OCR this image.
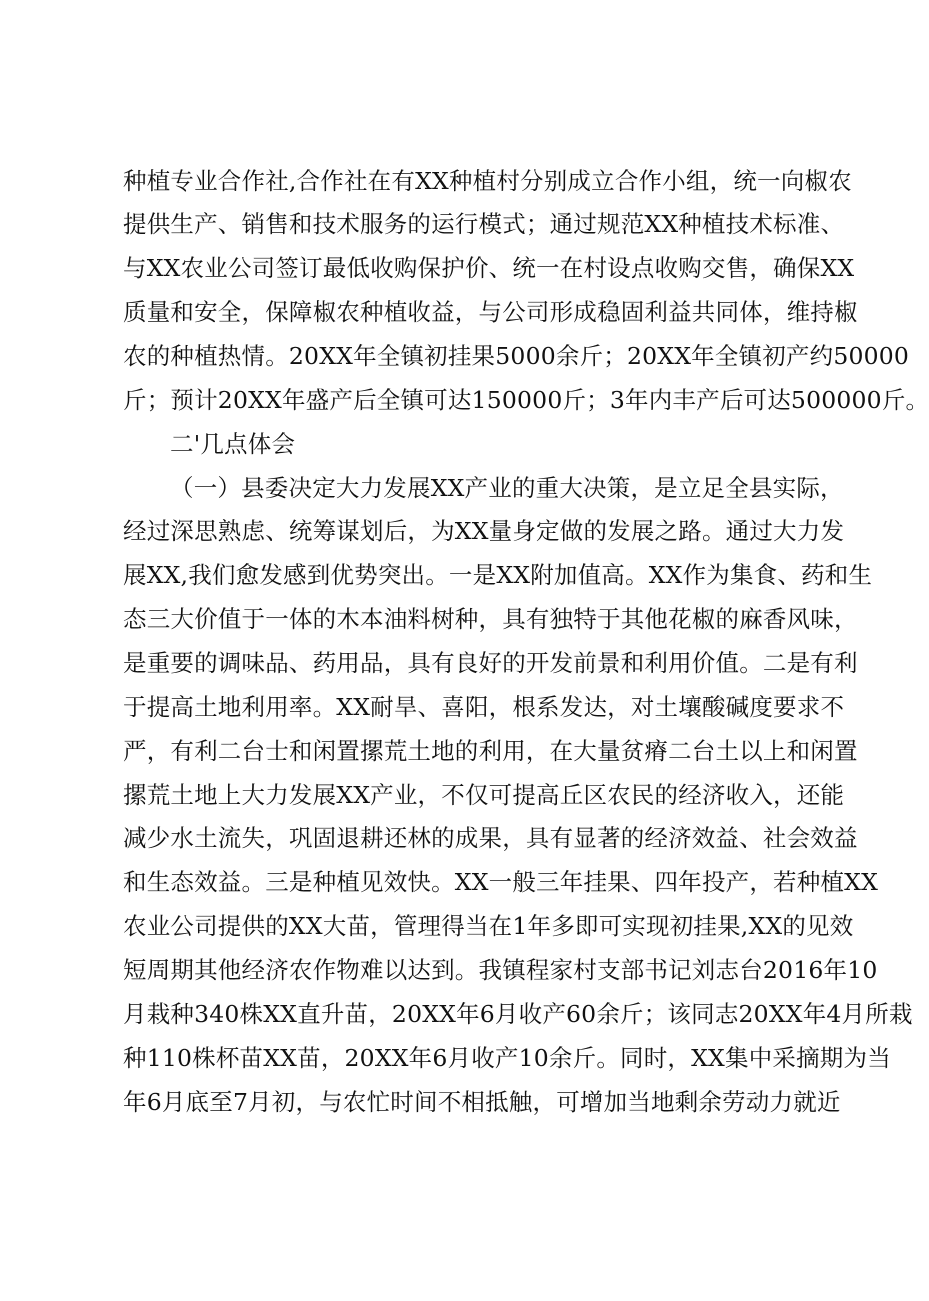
种植专业合作社,合作社在有XX种植村分别成立合作小组，统一向椒农
提供生产、销售和技术服务的运行模式；通过规范XX种植技术标准、
与XX农业公司签订最低收购保护价、统一在村设点收购交售，确保XX
质量和安全，保障椒农种植收益，与公司形成稳固利益共同体，维持椒
农的种植热情。20XX年全镇初挂果5000余斤；20XX年全镇初产约50000
斤；预计20XX年盛产后全镇可达150000斤；3年内丰产后可达500000斤。
二'几点体会
（一）县委决定大力发展XX产业的重大决策，是立足全县实际，
经过深思熟虑、统筹谋划后，为XX量身定做的发展之路。通过大力发
展XX,我们愈发感到优势突出。一是XX附加值高。XX作为集食、药和生
态三大价值于一体的木本油料树种，具有独特于其他花椒的麻香风味，
是重要的调味品、药用品，具有良好的开发前景和利用价值。二是有利
于提高土地利用率。XX耐旱、喜阳，根系发达，对土壤酸碱度要求不
严，有利二台士和闲置摞荒土地的利用，在大量贫瘠二台土以上和闲置
摞荒土地上大力发展XX产业，不仅可提高丘区农民的经济收入，还能
减少水土流失，巩固退耕还林的成果，具有显著的经济效益、社会效益
和生态效益。三是种植见效快。XX一般三年挂果、四年投产，若种植XX
农业公司提供的XX大苗，管理得当在1年多即可实现初挂果,XX的见效
短周期其他经济农作物难以达到。我镇程家村支部书记刘志台2016年10
月栽种340株XX直升苗，20XX年6月收产60余斤；该同志20XX年4月所栽
种110株杯苗XX苗，20XX年6月收产10余斤。同时，XX集中采摘期为当
年6月底至7月初，与农忙时间不相抵触，可增加当地剩余劳动力就近
